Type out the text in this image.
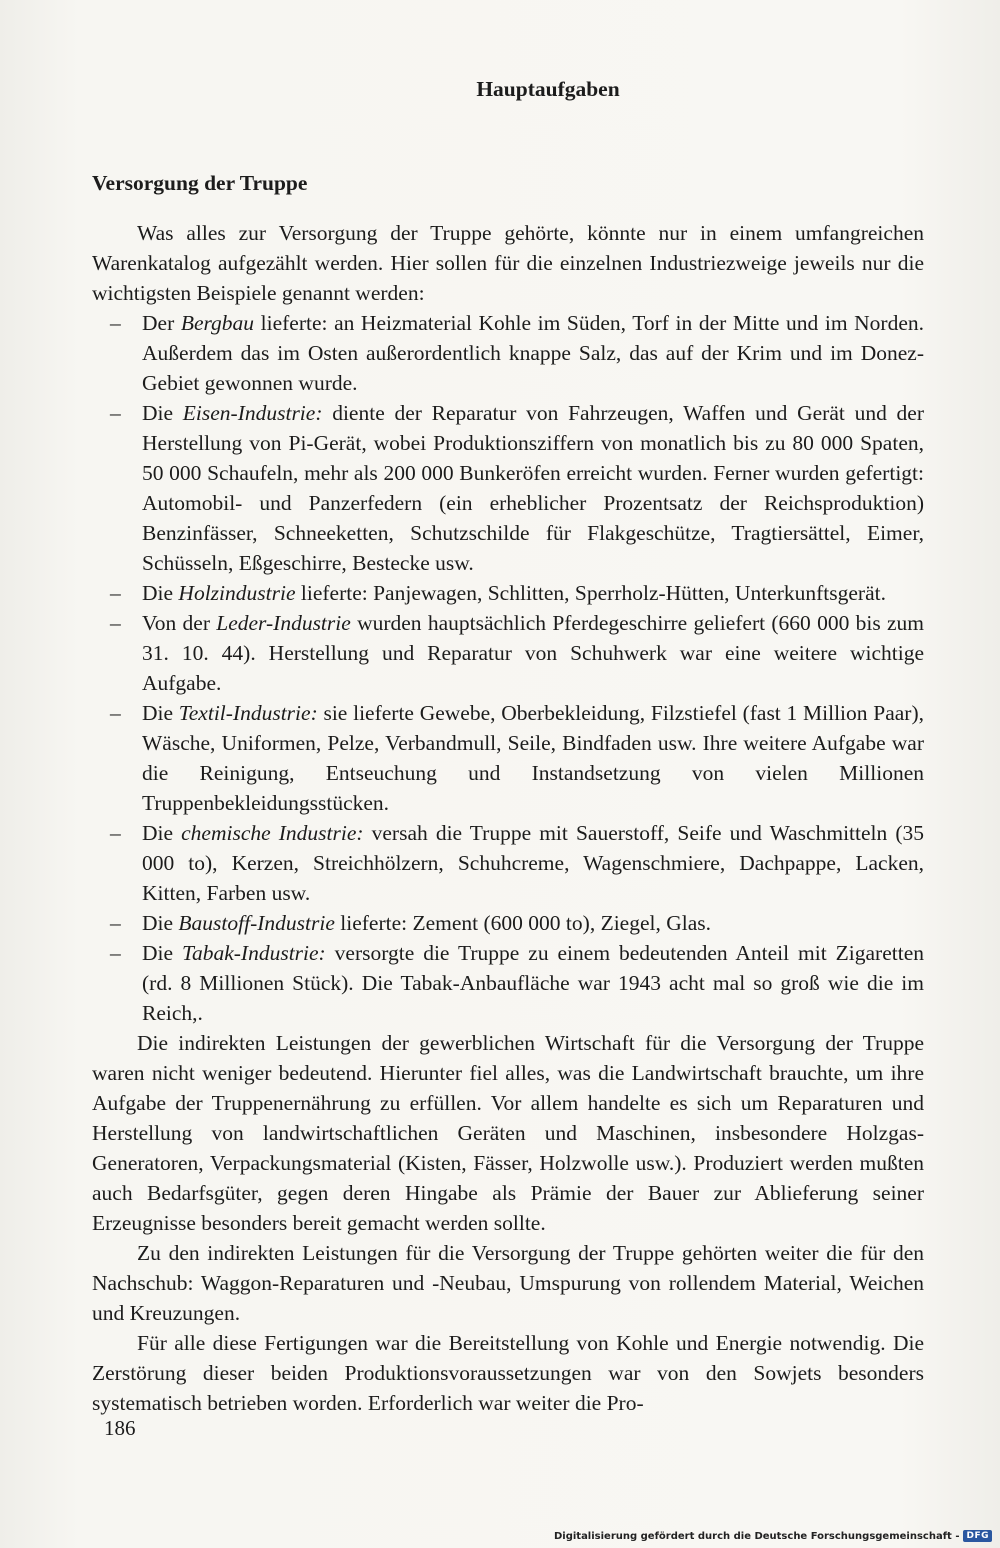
Hauptaufgaben
Versorgung der Truppe

Was alles zur Versorgung der Truppe gehörte, könnte nur in einem umfangreichen Warenkatalog aufgezählt werden. Hier sollen für die einzelnen Industriezweige jeweils nur die wichtigsten Beispiele genannt werden:

– Der Bergbau lieferte: an Heizmaterial Kohle im Süden, Torf in der Mitte und im Norden. Außerdem das im Osten außerordentlich knappe Salz, das auf der Krim und im Donez-Gebiet gewonnen wurde.

– Die Eisen-Industrie: diente der Reparatur von Fahrzeugen, Waffen und Gerät und der Herstellung von Pi-Gerät, wobei Produktionsziffern von monatlich bis zu 80 000 Spaten, 50 000 Schaufeln, mehr als 200 000 Bunkeröfen erreicht wurden. Ferner wurden gefertigt: Automobil- und Panzerfedern (ein erheblicher Prozentsatz der Reichsproduktion) Benzinfässer, Schneeketten, Schutzschilde für Flakgeschütze, Tragtiersättel, Eimer, Schüsseln, Eßgeschirre, Bestecke usw.

– Die Holzindustrie lieferte: Panjewagen, Schlitten, Sperrholz-Hütten, Unterkunftsgerät.

– Von der Leder-Industrie wurden hauptsächlich Pferdegeschirre geliefert (660 000 bis zum 31. 10. 44). Herstellung und Reparatur von Schuhwerk war eine weitere wichtige Aufgabe.

– Die Textil-Industrie: sie lieferte Gewebe, Oberbekleidung, Filzstiefel (fast 1 Million Paar), Wäsche, Uniformen, Pelze, Verbandmull, Seile, Bindfaden usw. Ihre weitere Aufgabe war die Reinigung, Entseuchung und Instandsetzung von vielen Millionen Truppenbekleidungsstücken.

– Die chemische Industrie: versah die Truppe mit Sauerstoff, Seife und Waschmitteln (35 000 to), Kerzen, Streichhölzern, Schuhcreme, Wagenschmiere, Dachpappe, Lacken, Kitten, Farben usw.

– Die Baustoff-Industrie lieferte: Zement (600 000 to), Ziegel, Glas.

– Die Tabak-Industrie: versorgte die Truppe zu einem bedeutenden Anteil mit Zigaretten (rd. 8 Millionen Stück). Die Tabak-Anbaufläche war 1943 acht mal so groß wie die im Reich,.

Die indirekten Leistungen der gewerblichen Wirtschaft für die Versorgung der Truppe waren nicht weniger bedeutend. Hierunter fiel alles, was die Landwirtschaft brauchte, um ihre Aufgabe der Truppenernährung zu erfüllen. Vor allem handelte es sich um Reparaturen und Herstellung von landwirtschaftlichen Geräten und Maschinen, insbesondere Holzgas-Generatoren, Verpackungsmaterial (Kisten, Fässer, Holzwolle usw.). Produziert werden mußten auch Bedarfsgüter, gegen deren Hingabe als Prämie der Bauer zur Ablieferung seiner Erzeugnisse besonders bereit gemacht werden sollte.

Zu den indirekten Leistungen für die Versorgung der Truppe gehörten weiter die für den Nachschub: Waggon-Reparaturen und -Neubau, Umspurung von rollendem Material, Weichen und Kreuzungen.

Für alle diese Fertigungen war die Bereitstellung von Kohle und Energie notwendig. Die Zerstörung dieser beiden Produktionsvoraussetzungen war von den Sowjets besonders systematisch betrieben worden. Erforderlich war weiter die Pro-

186
Digitalisierung gefördert durch die Deutsche Forschungsgemeinschaft - DFG
